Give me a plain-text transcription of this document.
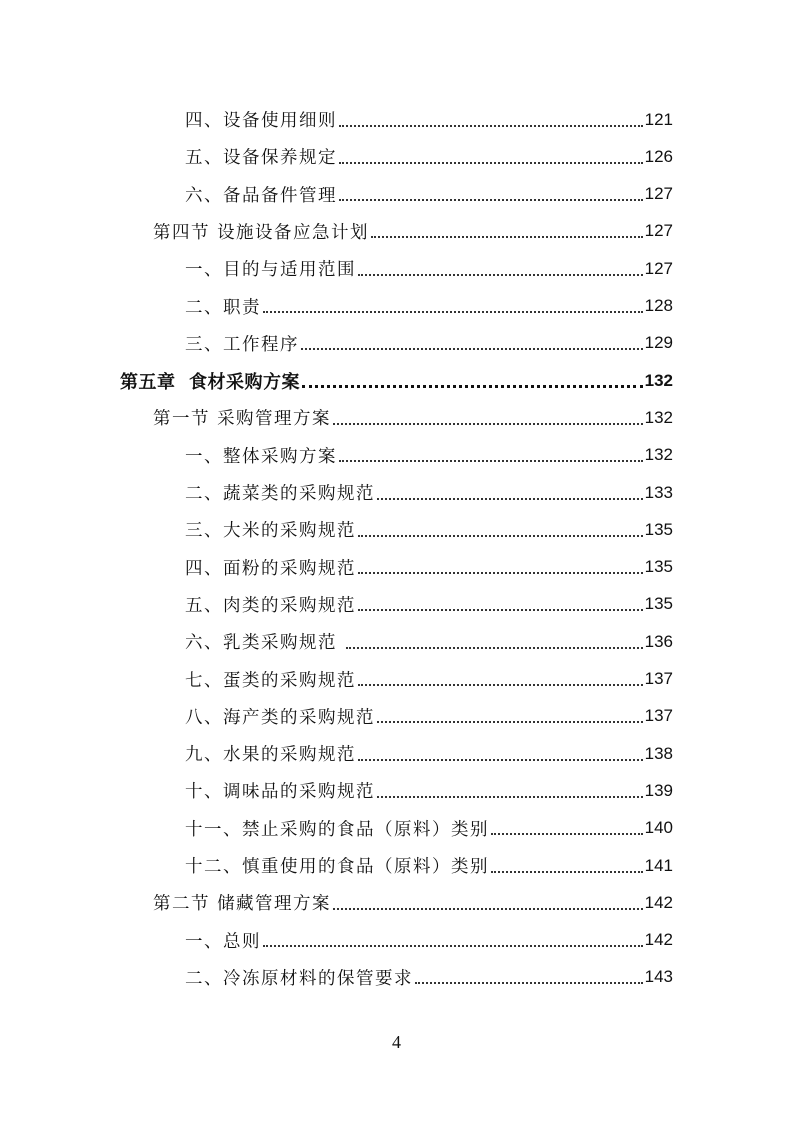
四、设备使用细则	121
五、设备保养规定	126
六、备品备件管理	127
第四节 设施设备应急计划	127
一、目的与适用范围	127
二、职责	128
三、工作程序	129
第五章  食材采购方案	132
第一节 采购管理方案	132
一、整体采购方案	132
二、蔬菜类的采购规范	133
三、大米的采购规范	135
四、面粉的采购规范	135
五、肉类的采购规范	135
六、乳类采购规范	136
七、蛋类的采购规范	137
八、海产类的采购规范	137
九、水果的采购规范	138
十、调味品的采购规范	139
十一、禁止采购的食品（原料）类别	140
十二、慎重使用的食品（原料）类别	141
第二节 储藏管理方案	142
一、总则	142
二、冷冻原材料的保管要求	143
4
